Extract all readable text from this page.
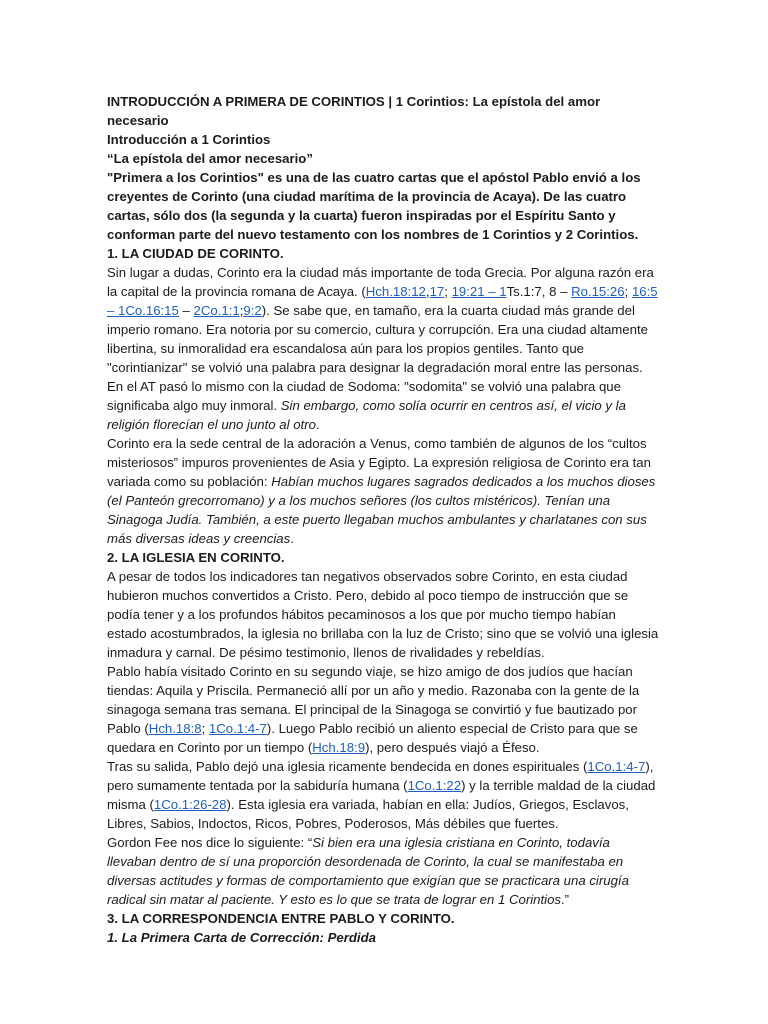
INTRODUCCIÓN A PRIMERA DE CORINTIOS | 1 Corintios: La epístola del amor necesario

Introducción a 1 Corintios

“La epístola del amor necesario”

"Primera a los Corintios" es una de las cuatro cartas que el apóstol Pablo envió a los creyentes de Corinto (una ciudad marítima de la provincia de Acaya). De las cuatro cartas, sólo dos (la segunda y la cuarta) fueron inspiradas por el Espíritu Santo y conforman parte del nuevo testamento con los nombres de 1 Corintios y 2 Corintios.

1. LA CIUDAD DE CORINTO.

Sin lugar a dudas, Corinto era la ciudad más importante de toda Grecia. Por alguna razón era la capital de la provincia romana de Acaya. (Hch.18:12,17; 19:21 – 1Ts.1:7, 8 – Ro.15:26; 16:5 – 1Co.16:15 – 2Co.1:1;9:2). Se sabe que, en tamaño, era la cuarta ciudad más grande del imperio romano. Era notoria por su comercio, cultura y corrupción. Era una ciudad altamente libertina, su inmoralidad era escandalosa aún para los propios gentiles. Tanto que "corintianizar" se volvió una palabra para designar la degradación moral entre las personas. En el AT pasó lo mismo con la ciudad de Sodoma: "sodomita" se volvió una palabra que significaba algo muy inmoral. Sin embargo, como solía ocurrir en centros así, el vicio y la religión florecían el uno junto al otro.

Corinto era la sede central de la adoración a Venus, como también de algunos de los “cultos misteriosos” impuros provenientes de Asia y Egipto. La expresión religiosa de Corinto era tan variada como su población: Habían muchos lugares sagrados dedicados a los muchos dioses (el Panteón grecorromano) y a los muchos señores (los cultos mistéricos). Tenían una Sinagoga Judía. También, a este puerto llegaban muchos ambulantes y charlatanes con sus más diversas ideas y creencias.

2. LA IGLESIA EN CORINTO.

A pesar de todos los indicadores tan negativos observados sobre Corinto, en esta ciudad hubieron muchos convertidos a Cristo. Pero, debido al poco tiempo de instrucción que se podía tener y a los profundos hábitos pecaminosos a los que por mucho tiempo habían estado acostumbrados, la iglesia no brillaba con la luz de Cristo; sino que se volvió una iglesia inmadura y carnal. De pésimo testimonio, llenos de rivalidades y rebeldías.

Pablo había visitado Corinto en su segundo viaje, se hizo amigo de dos judíos que hacían tiendas: Aquila y Priscila. Permaneció allí por un año y medio. Razonaba con la gente de la sinagoga semana tras semana. El principal de la Sinagoga se convirtió y fue bautizado por Pablo (Hch.18:8; 1Co.1:4-7). Luego Pablo recibió un aliento especial de Cristo para que se quedara en Corinto por un tiempo (Hch.18:9), pero después viajó a Éfeso.

Tras su salida, Pablo dejó una iglesia ricamente bendecida en dones espirituales (1Co.1:4-7), pero sumamente tentada por la sabiduría humana (1Co.1:22) y la terrible maldad de la ciudad misma (1Co.1:26-28). Esta iglesia era variada, habían en ella: Judíos, Griegos, Esclavos, Libres, Sabios, Indoctos, Ricos, Pobres, Poderosos, Más débiles que fuertes.

Gordon Fee nos dice lo siguiente: “Si bien era una iglesia cristiana en Corinto, todavía llevaban dentro de sí una proporción desordenada de Corinto, la cual se manifestaba en diversas actitudes y formas de comportamiento que exigían que se practicara una cirugía radical sin matar al paciente. Y esto es lo que se trata de lograr en 1 Corintios.”

3. LA CORRESPONDENCIA ENTRE PABLO Y CORINTO.

1. La Primera Carta de Corrección: Perdida
